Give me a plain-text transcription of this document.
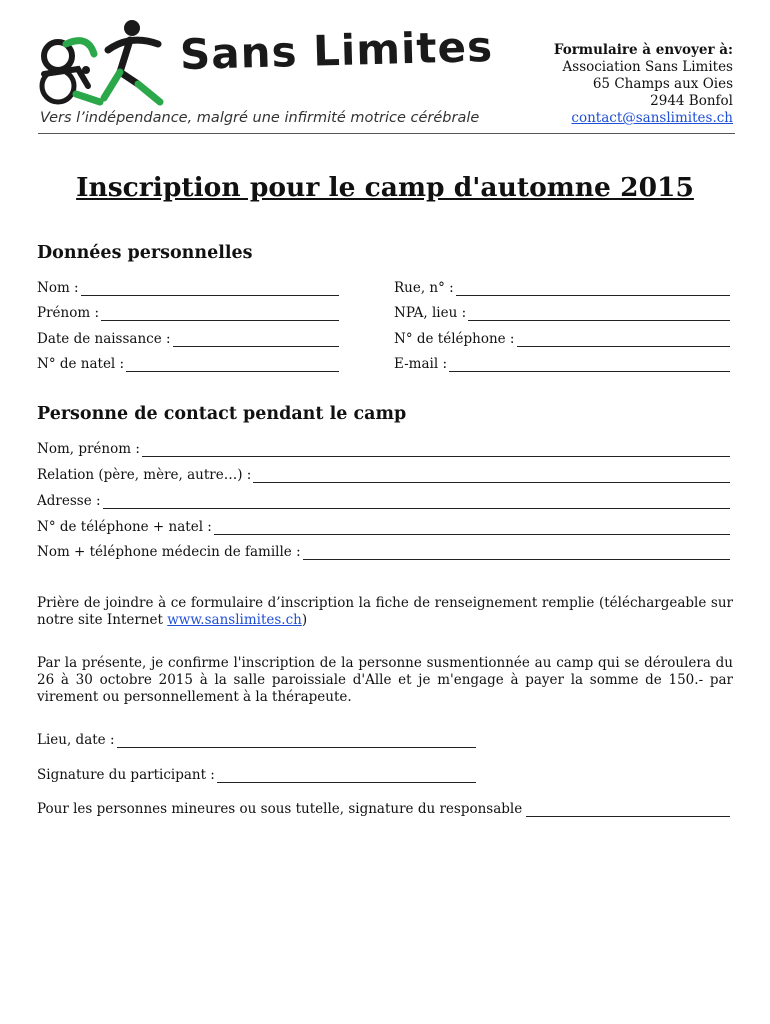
Sans Limites
Vers l’indépendance, malgré une infirmité motrice cérébrale
Formulaire à envoyer à:
Association Sans Limites
65 Champs aux Oies
2944 Bonfol
contact@sanslimites.ch
Inscription pour le camp d'automne 2015
Données personnelles
Nom :
Prénom :
Date de naissance :
N° de natel :
Rue, n° :
NPA, lieu :
N° de téléphone :
E-mail :
Personne de contact pendant le camp
Nom, prénom :
Relation (père, mère, autre…) :
Adresse :
N° de téléphone + natel :
Nom + téléphone médecin de famille :
Prière de joindre à ce formulaire d’inscription la fiche de renseignement remplie (téléchargeable sur notre site Internet www.sanslimites.ch)
Par la présente, je confirme l'inscription de la personne susmentionnée au camp qui se déroulera du 26 à 30 octobre 2015 à la salle paroissiale d'Alle et je m'engage à payer la somme de 150.- par virement ou personnellement à la thérapeute.
Lieu, date :
Signature du participant :
Pour les personnes mineures ou sous tutelle, signature du responsable
